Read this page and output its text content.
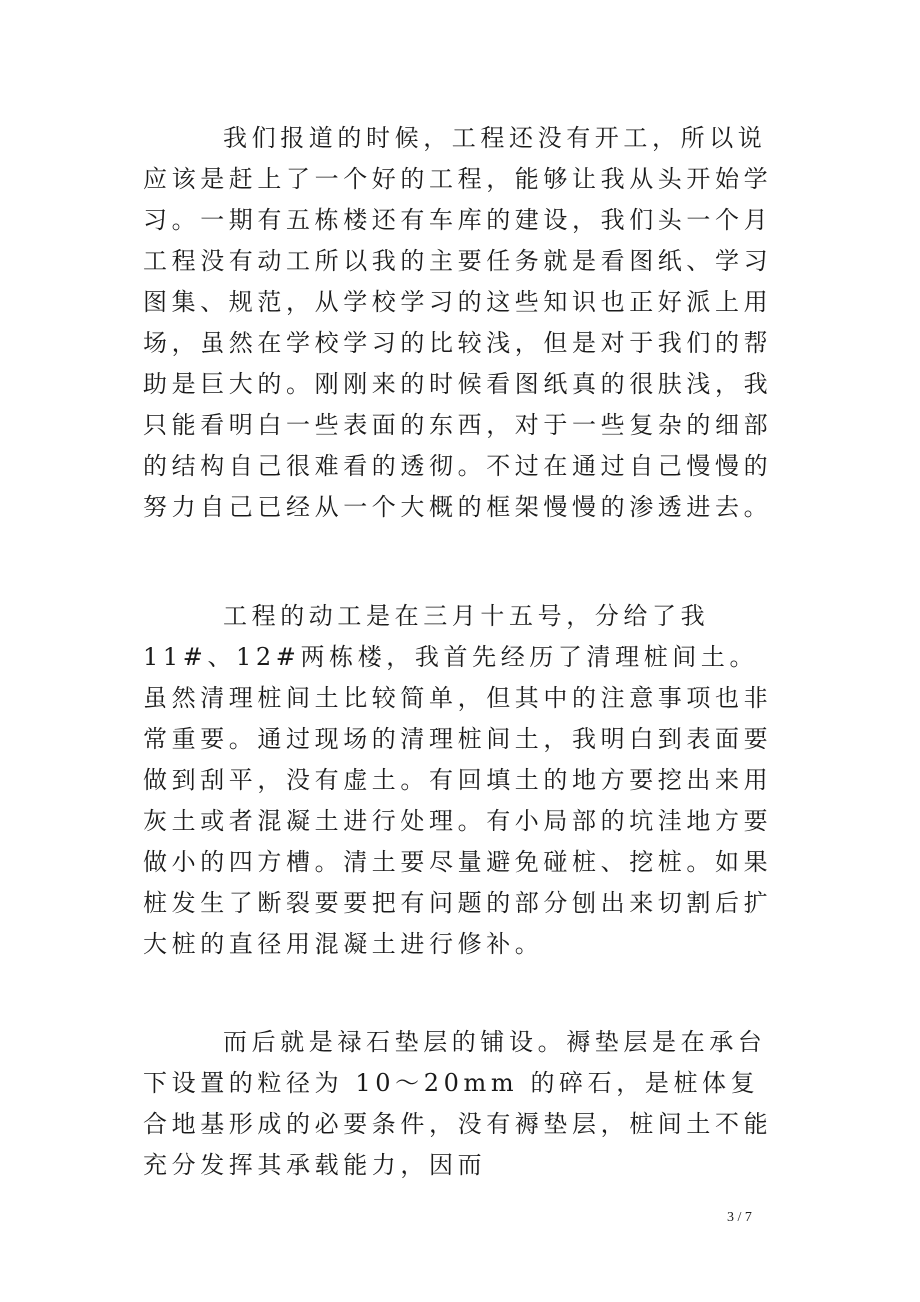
我们报道的时候，工程还没有开工，所以说应该是赶上了一个好的工程，能够让我从头开始学习。一期有五栋楼还有车库的建设，我们头一个月工程没有动工所以我的主要任务就是看图纸、学习图集、规范，从学校学习的这些知识也正好派上用场，虽然在学校学习的比较浅，但是对于我们的帮助是巨大的。刚刚来的时候看图纸真的很肤浅，我只能看明白一些表面的东西，对于一些复杂的细部的结构自己很难看的透彻。不过在通过自己慢慢的努力自己已经从一个大概的框架慢慢的渗透进去。

工程的动工是在三月十五号，分给了我 11#、12#两栋楼，我首先经历了清理桩间土。虽然清理桩间土比较简单，但其中的注意事项也非常重要。通过现场的清理桩间土，我明白到表面要做到刮平，没有虚土。有回填土的地方要挖出来用灰土或者混凝土进行处理。有小局部的坑洼地方要做小的四方槽。清土要尽量避免碰桩、挖桩。如果桩发生了断裂要要把有问题的部分刨出来切割后扩大桩的直径用混凝土进行修补。

而后就是禄石垫层的铺设。褥垫层是在承台下设置的粒径为 10～20mm 的碎石，是桩体复合地基形成的必要条件，没有褥垫层，桩间土不能充分发挥其承载能力，因而

3 / 7
